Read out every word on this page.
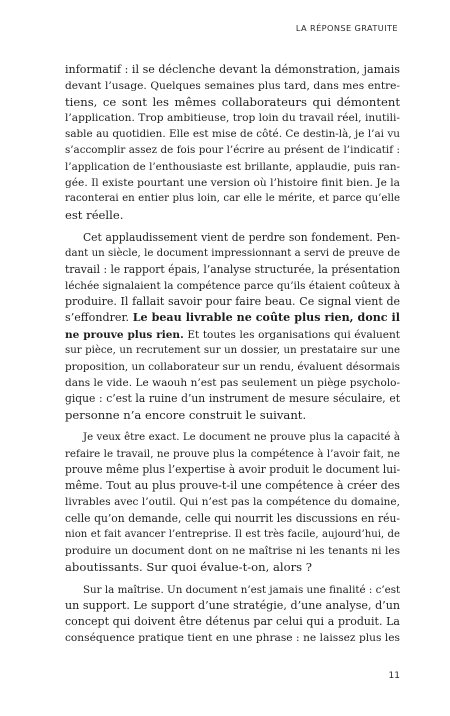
LA RÉPONSE GRATUITE
informatif : il se déclenche devant la démonstration, jamais
devant l’usage. Quelques semaines plus tard, dans mes entre-
tiens, ce sont les mêmes collaborateurs qui démontent
l’application. Trop ambitieuse, trop loin du travail réel, inutili-
sable au quotidien. Elle est mise de côté. Ce destin-là, je l’ai vu
s’accomplir assez de fois pour l’écrire au présent de l’indicatif :
l’application de l’enthousiaste est brillante, applaudie, puis ran-
gée. Il existe pourtant une version où l’histoire finit bien. Je la
raconterai en entier plus loin, car elle le mérite, et parce qu’elle
est réelle.
Cet applaudissement vient de perdre son fondement. Pen-
dant un siècle, le document impressionnant a servi de preuve de
travail : le rapport épais, l’analyse structurée, la présentation
léchée signalaient la compétence parce qu’ils étaient coûteux à
produire. Il fallait savoir pour faire beau. Ce signal vient de
s’effondrer. Le beau livrable ne coûte plus rien, donc il
ne prouve plus rien. Et toutes les organisations qui évaluent
sur pièce, un recrutement sur un dossier, un prestataire sur une
proposition, un collaborateur sur un rendu, évaluent désormais
dans le vide. Le waouh n’est pas seulement un piège psycholo-
gique : c’est la ruine d’un instrument de mesure séculaire, et
personne n’a encore construit le suivant.
Je veux être exact. Le document ne prouve plus la capacité à
refaire le travail, ne prouve plus la compétence à l’avoir fait, ne
prouve même plus l’expertise à avoir produit le document lui-
même. Tout au plus prouve-t-il une compétence à créer des
livrables avec l’outil. Qui n’est pas la compétence du domaine,
celle qu’on demande, celle qui nourrit les discussions en réu-
nion et fait avancer l’entreprise. Il est très facile, aujourd’hui, de
produire un document dont on ne maîtrise ni les tenants ni les
aboutissants. Sur quoi évalue-t-on, alors ?
Sur la maîtrise. Un document n’est jamais une finalité : c’est
un support. Le support d’une stratégie, d’une analyse, d’un
concept qui doivent être détenus par celui qui a produit. La
conséquence pratique tient en une phrase : ne laissez plus les
11
